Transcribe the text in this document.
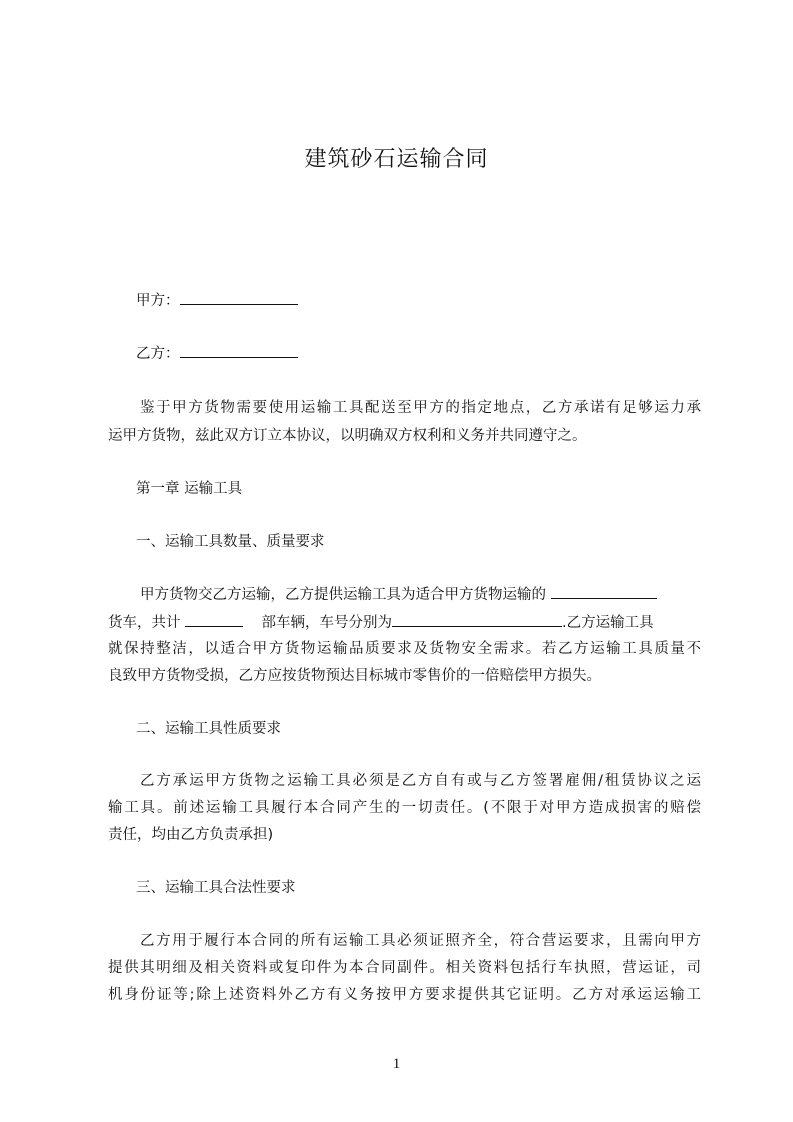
建筑砂石运输合同
甲方：
乙方：
鉴于甲方货物需要使用运输工具配送至甲方的指定地点，乙方承诺有足够运力承
运甲方货物，兹此双方订立本协议，以明确双方权利和义务并共同遵守之。
第一章 运输工具
一、运输工具数量、质量要求
甲方货物交乙方运输，乙方提供运输工具为适合甲方货物运输的
货车，共计	部车辆，车号分别为	.乙方运输工具
就保持整洁，以适合甲方货物运输品质要求及货物安全需求。若乙方运输工具质量不
良致甲方货物受损，乙方应按货物预达目标城市零售价的一倍赔偿甲方损失。
二、运输工具性质要求
乙方承运甲方货物之运输工具必须是乙方自有或与乙方签署雇佣/租赁协议之运
输工具。前述运输工具履行本合同产生的一切责任。(不限于对甲方造成损害的赔偿
责任，均由乙方负责承担)
三、运输工具合法性要求
乙方用于履行本合同的所有运输工具必须证照齐全，符合营运要求，且需向甲方
提供其明细及相关资料或复印件为本合同副件。相关资料包括行车执照，营运证，司
机身份证等;除上述资料外乙方有义务按甲方要求提供其它证明。乙方对承运运输工
1
